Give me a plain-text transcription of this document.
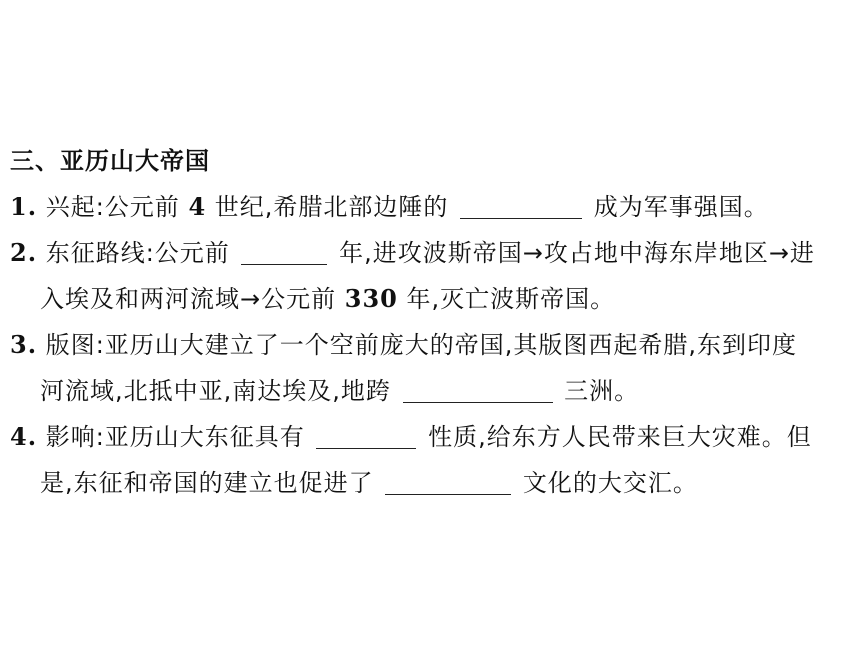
三、亚历山大帝国
1. 兴起:公元前 4 世纪,希腊北部边陲的	成为军事强国。
2. 东征路线:公元前	年,进攻波斯帝国→攻占地中海东岸地区→进
入埃及和两河流域→公元前 330 年,灭亡波斯帝国。
3. 版图:亚历山大建立了一个空前庞大的帝国,其版图西起希腊,东到印度
河流域,北抵中亚,南达埃及,地跨	三洲。
4. 影响:亚历山大东征具有	性质,给东方人民带来巨大灾难。但
是,东征和帝国的建立也促进了	文化的大交汇。
